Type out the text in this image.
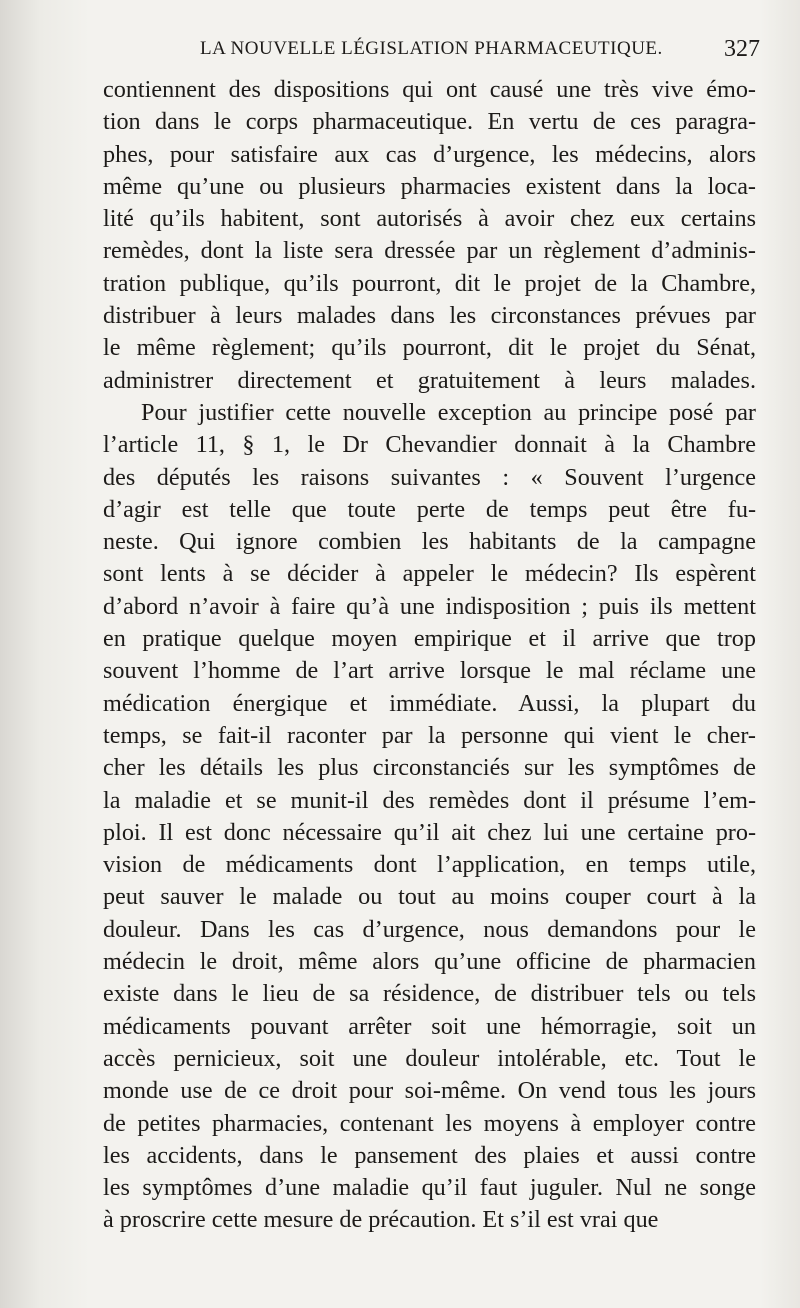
LA NOUVELLE LÉGISLATION PHARMACEUTIQUE.	327
contiennent des dispositions qui ont causé une très vive émo-
tion dans le corps pharmaceutique. En vertu de ces paragra-
phes, pour satisfaire aux cas d’urgence, les médecins, alors
même qu’une ou plusieurs pharmacies existent dans la loca-
lité qu’ils habitent, sont autorisés à avoir chez eux certains
remèdes, dont la liste sera dressée par un règlement d’adminis-
tration publique, qu’ils pourront, dit le projet de la Chambre,
distribuer à leurs malades dans les circonstances prévues par
le même règlement; qu’ils pourront, dit le projet du Sénat,
administrer directement et gratuitement à leurs malades.
Pour justifier cette nouvelle exception au principe posé par
l’article 11, § 1, le Dr Chevandier donnait à la Chambre
des députés les raisons suivantes : « Souvent l’urgence
d’agir est telle que toute perte de temps peut être fu-
neste. Qui ignore combien les habitants de la campagne
sont lents à se décider à appeler le médecin? Ils espèrent
d’abord n’avoir à faire qu’à une indisposition ; puis ils mettent
en pratique quelque moyen empirique et il arrive que trop
souvent l’homme de l’art arrive lorsque le mal réclame une
médication énergique et immédiate. Aussi, la plupart du
temps, se fait-il raconter par la personne qui vient le cher-
cher les détails les plus circonstanciés sur les symptômes de
la maladie et se munit-il des remèdes dont il présume l’em-
ploi. Il est donc nécessaire qu’il ait chez lui une certaine pro-
vision de médicaments dont l’application, en temps utile,
peut sauver le malade ou tout au moins couper court à la
douleur. Dans les cas d’urgence, nous demandons pour le
médecin le droit, même alors qu’une officine de pharmacien
existe dans le lieu de sa résidence, de distribuer tels ou tels
médicaments pouvant arrêter soit une hémorragie, soit un
accès pernicieux, soit une douleur intolérable, etc. Tout le
monde use de ce droit pour soi-même. On vend tous les jours
de petites pharmacies, contenant les moyens à employer contre
les accidents, dans le pansement des plaies et aussi contre
les symptômes d’une maladie qu’il faut juguler. Nul ne songe
à proscrire cette mesure de précaution. Et s’il est vrai que
